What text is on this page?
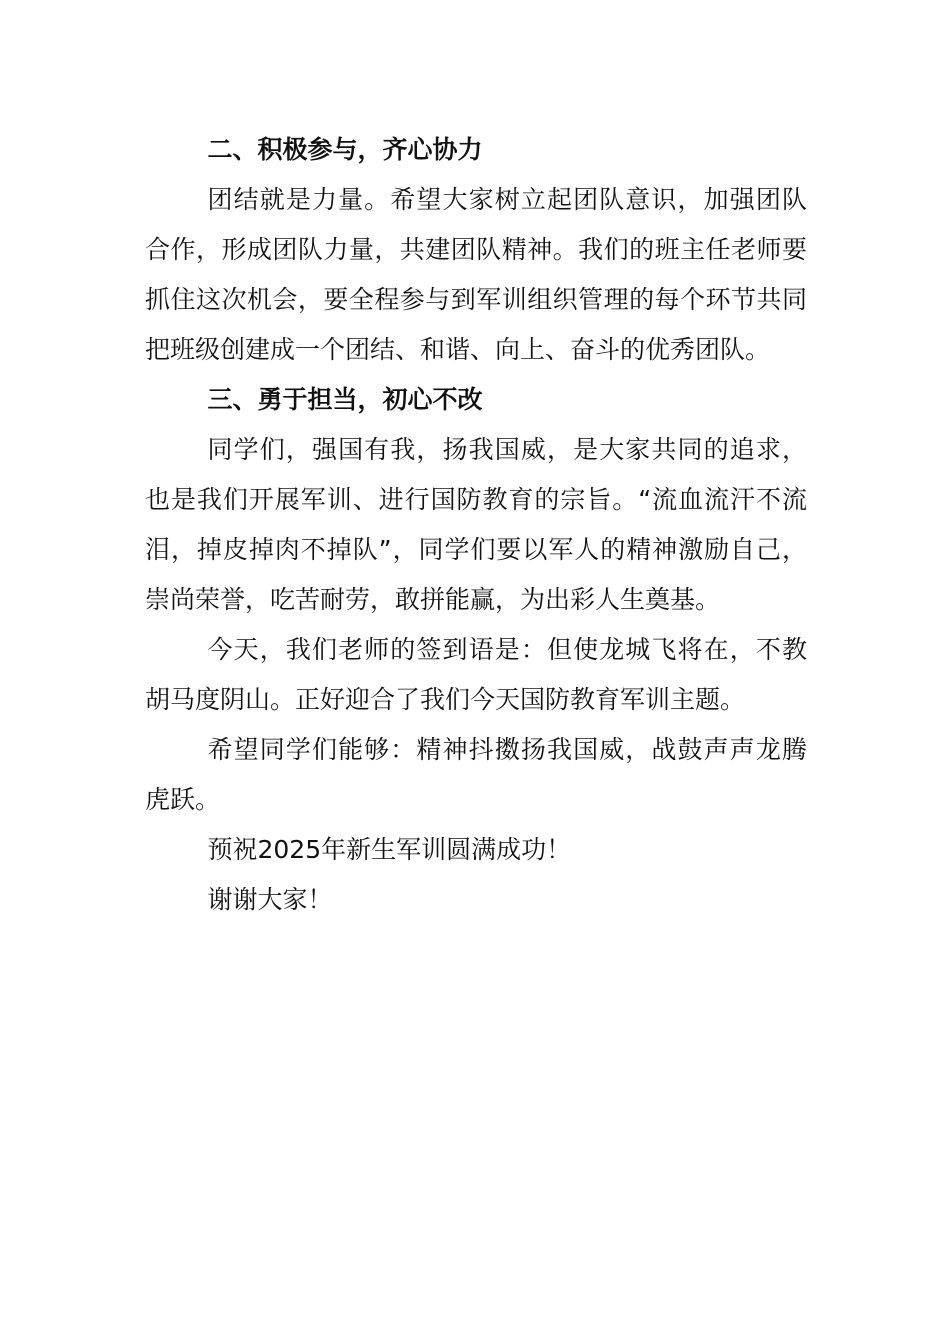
二、积极参与，齐心协力

团结就是力量。希望大家树立起团队意识，加强团队合作，形成团队力量，共建团队精神。我们的班主任老师要抓住这次机会，要全程参与到军训组织管理的每个环节共同把班级创建成一个团结、和谐、向上、奋斗的优秀团队。

三、勇于担当，初心不改

同学们，强国有我，扬我国威，是大家共同的追求，也是我们开展军训、进行国防教育的宗旨。“流血流汗不流泪，掉皮掉肉不掉队”，同学们要以军人的精神激励自己，崇尚荣誉，吃苦耐劳，敢拼能赢，为出彩人生奠基。

今天，我们老师的签到语是：但使龙城飞将在，不教胡马度阴山。正好迎合了我们今天国防教育军训主题。

希望同学们能够：精神抖擞扬我国威，战鼓声声龙腾虎跃。

预祝2025年新生军训圆满成功！

谢谢大家！
